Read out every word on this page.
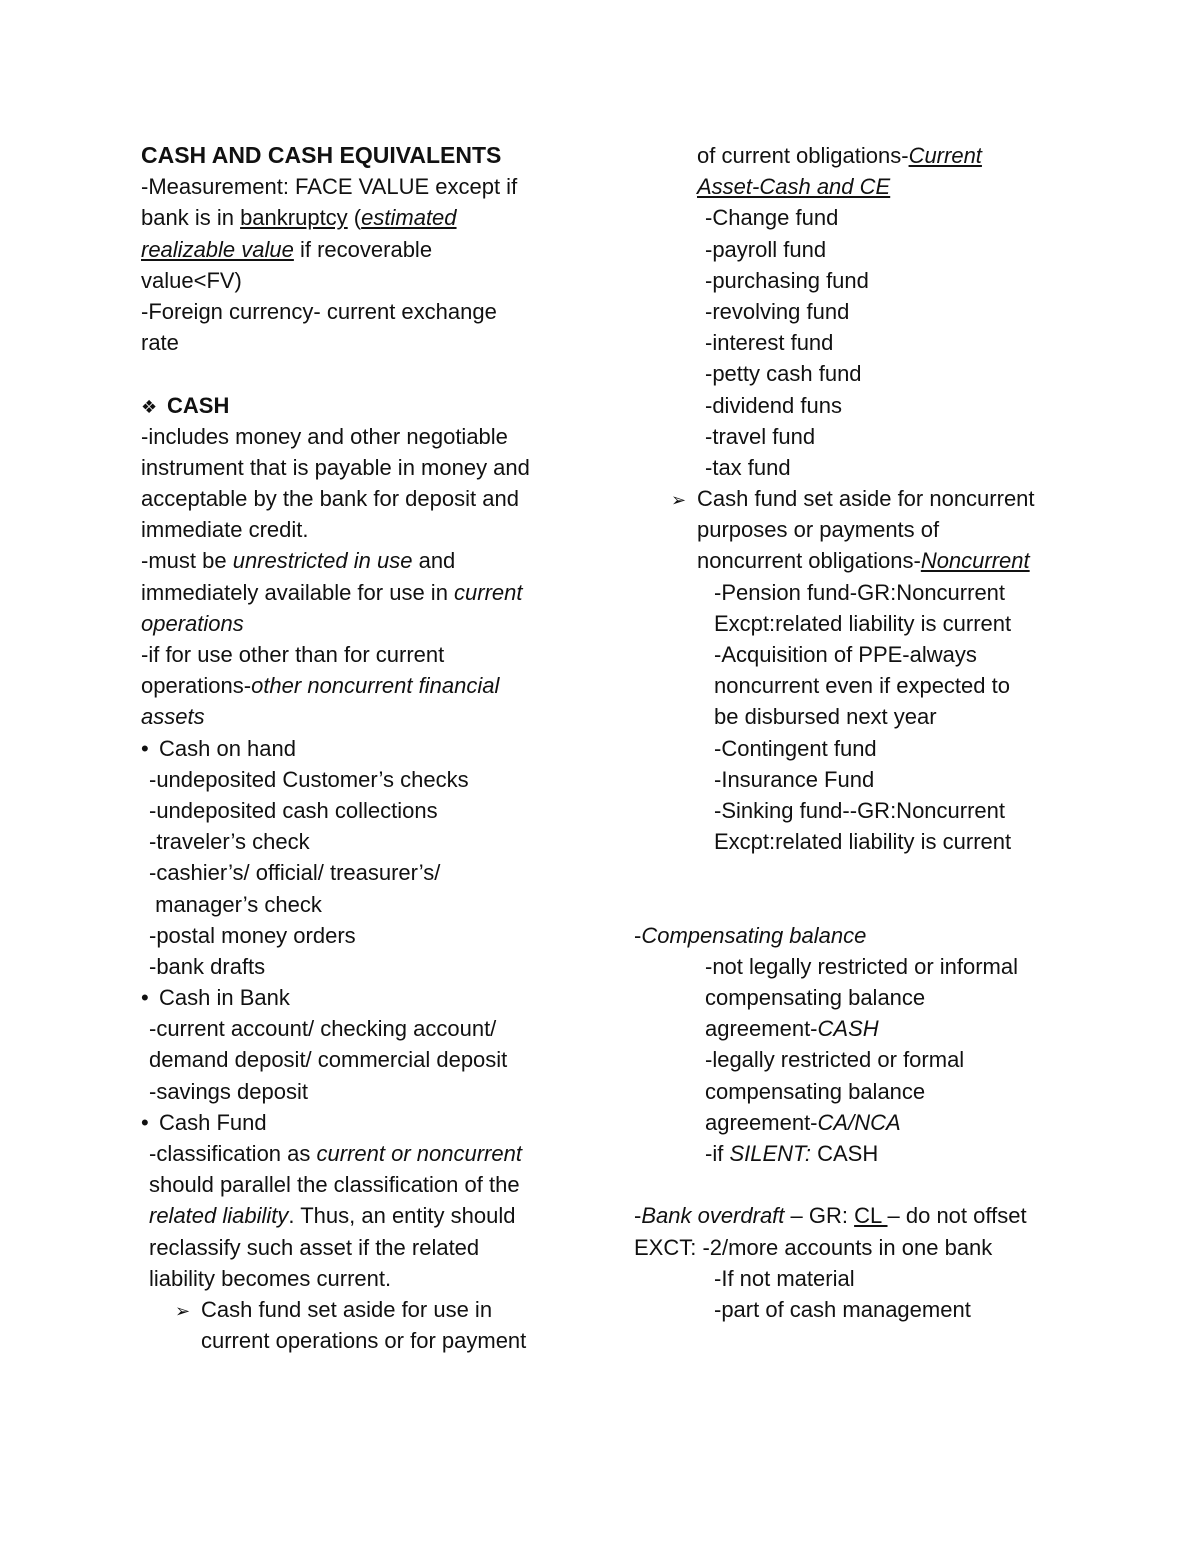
CASH AND CASH EQUIVALENTS
-Measurement: FACE VALUE except if
bank is in bankruptcy (estimated
realizable value if recoverable
value<FV)
-Foreign currency- current exchange
rate
❖ CASH
-includes money and other negotiable
instrument that is payable in money and
acceptable by the bank for deposit and
immediate credit.
-must be unrestricted in use and
immediately available for use in current
operations
-if for use other than for current
operations-other noncurrent financial
assets
• Cash on hand
-undeposited Customer’s checks
-undeposited cash collections
-traveler’s check
-cashier’s/ official/ treasurer’s/
manager’s check
-postal money orders
-bank drafts
• Cash in Bank
-current account/ checking account/
demand deposit/ commercial deposit
-savings deposit
• Cash Fund
-classification as current or noncurrent
should parallel the classification of the
related liability. Thus, an entity should
reclassify such asset if the related
liability becomes current.
➢ Cash fund set aside for use in
current operations or for payment
of current obligations-Current
Asset-Cash and CE
-Change fund
-payroll fund
-purchasing fund
-revolving fund
-interest fund
-petty cash fund
-dividend funs
-travel fund
-tax fund
➢ Cash fund set aside for noncurrent
purposes or payments of
noncurrent obligations-Noncurrent
-Pension fund-GR:Noncurrent
Excpt:related liability is current
-Acquisition of PPE-always
noncurrent even if expected to
be disbursed next year
-Contingent fund
-Insurance Fund
-Sinking fund--GR:Noncurrent
Excpt:related liability is current
-Compensating balance
-not legally restricted or informal
compensating balance
agreement-CASH
-legally restricted or formal
compensating balance
agreement-CA/NCA
-if SILENT: CASH
-Bank overdraft – GR: CL – do not offset
EXCT: -2/more accounts in one bank
-If not material
-part of cash management
